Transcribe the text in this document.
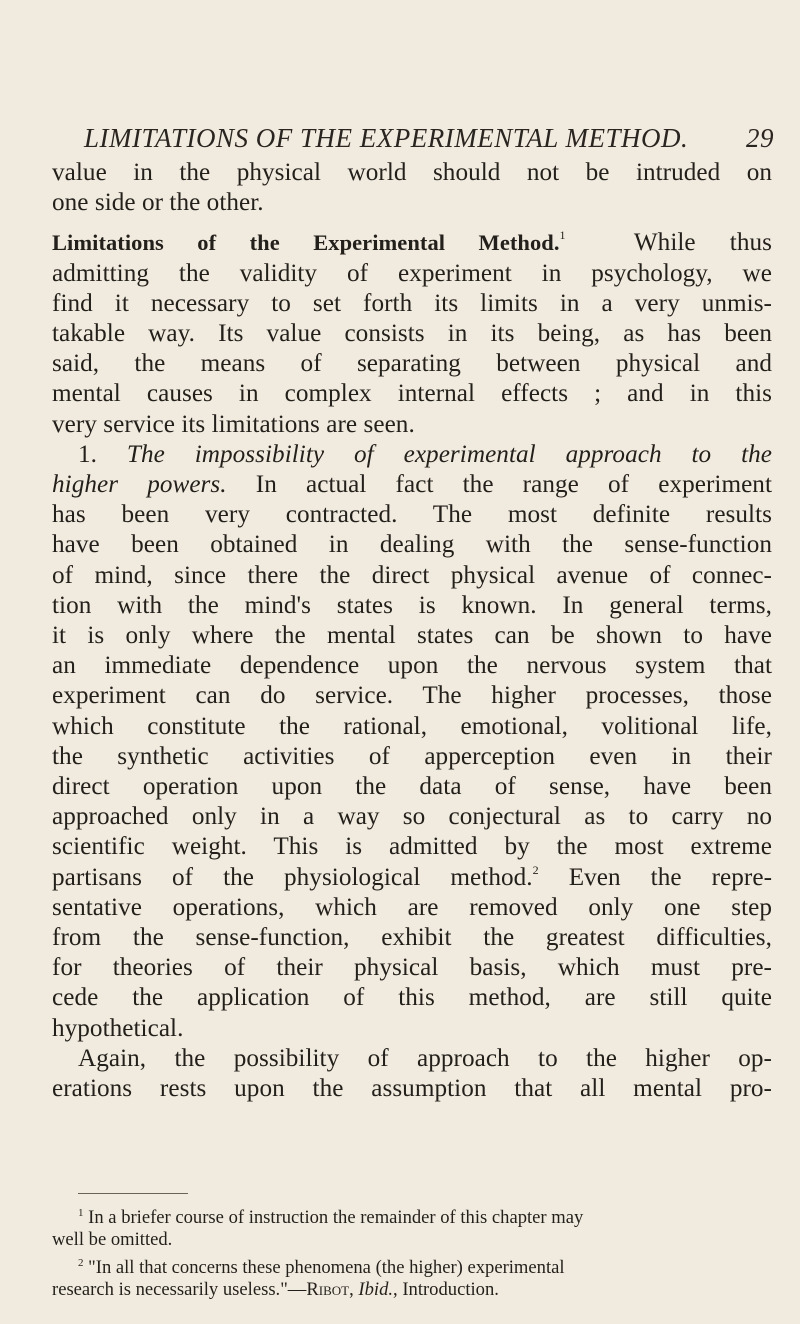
LIMITATIONS OF THE EXPERIMENTAL METHOD. 29
value in the physical world should not be intruded on
one side or the other.
Limitations of the Experimental Method.$^1$	While thus
admitting the validity of experiment in psychology, we
find it necessary to set forth its limits in a very unmis-
takable way. Its value consists in its being, as has been
said, the means of separating between physical and
mental causes in complex internal effects ; and in this
very service its limitations are seen.
1. The impossibility of experimental approach to the
higher powers. In actual fact the range of experiment
has been very contracted. The most definite results
have been obtained in dealing with the sense-function
of mind, since there the direct physical avenue of connec-
tion with the mind's states is known. In general terms,
it is only where the mental states can be shown to have
an immediate dependence upon the nervous system that
experiment can do service. The higher processes, those
which constitute the rational, emotional, volitional life,
the synthetic activities of apperception even in their
direct operation upon the data of sense, have been
approached only in a way so conjectural as to carry no
scientific weight. This is admitted by the most extreme
partisans of the physiological method.$^2$ Even the repre-
sentative operations, which are removed only one step
from the sense-function, exhibit the greatest difficulties,
for theories of their physical basis, which must pre-
cede the application of this method, are still quite
hypothetical.
Again, the possibility of approach to the higher op-
erations rests upon the assumption that all mental pro-
$^1$ In a briefer course of instruction the remainder of this chapter may
well be omitted.
$^2$ "In all that concerns these phenomena (the higher) experimental
research is necessarily useless."—Ribot, Ibid., Introduction.
